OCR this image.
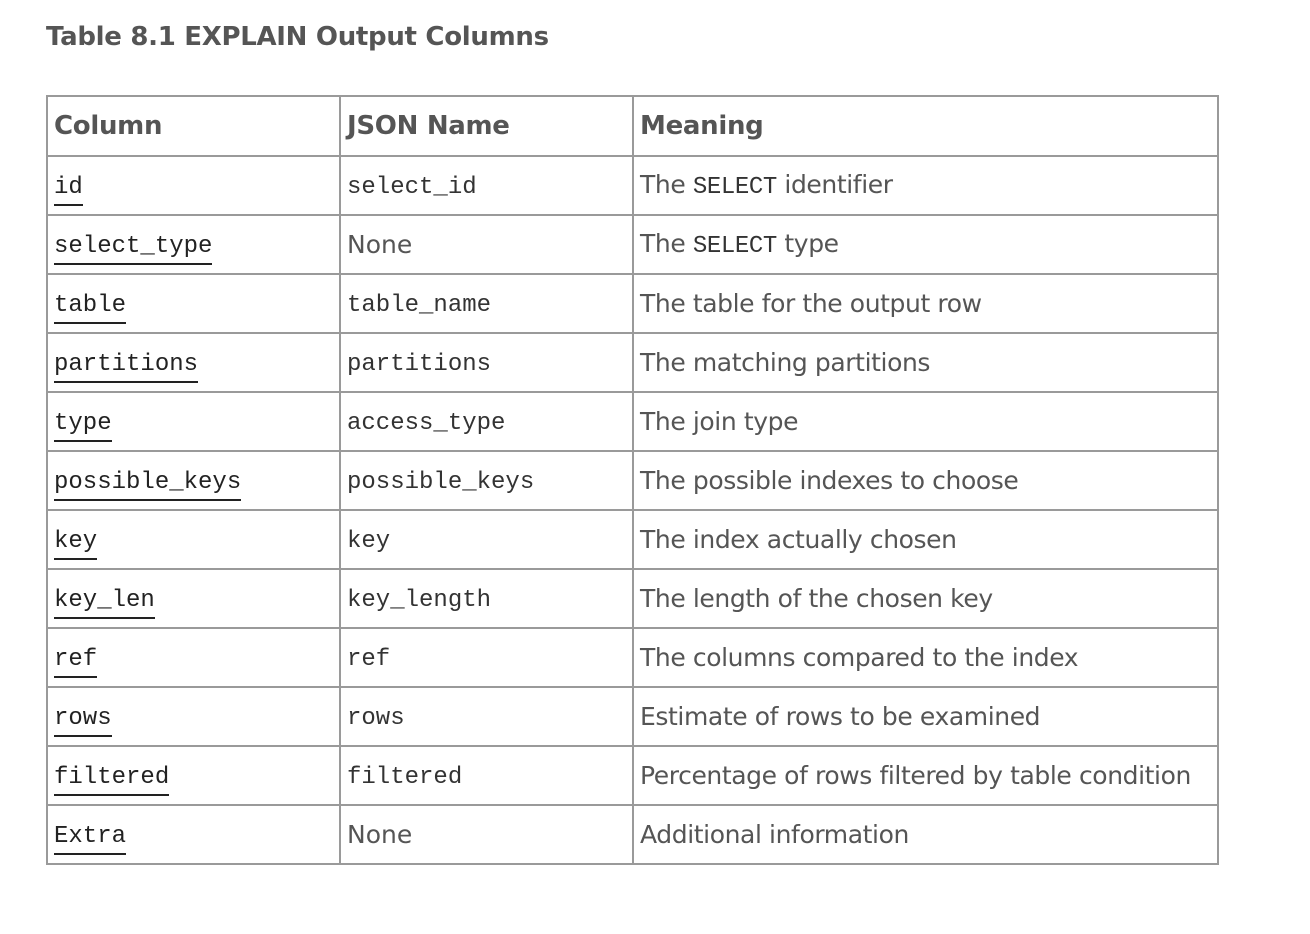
Table 8.1 EXPLAIN Output Columns
Column	JSON Name	Meaning
id	select_id	The SELECT identifier
select_type	None	The SELECT type
table	table_name	The table for the output row
partitions	partitions	The matching partitions
type	access_type	The join type
possible_keys	possible_keys	The possible indexes to choose
key	key	The index actually chosen
key_len	key_length	The length of the chosen key
ref	ref	The columns compared to the index
rows	rows	Estimate of rows to be examined
filtered	filtered	Percentage of rows filtered by table condition
Extra	None	Additional information
